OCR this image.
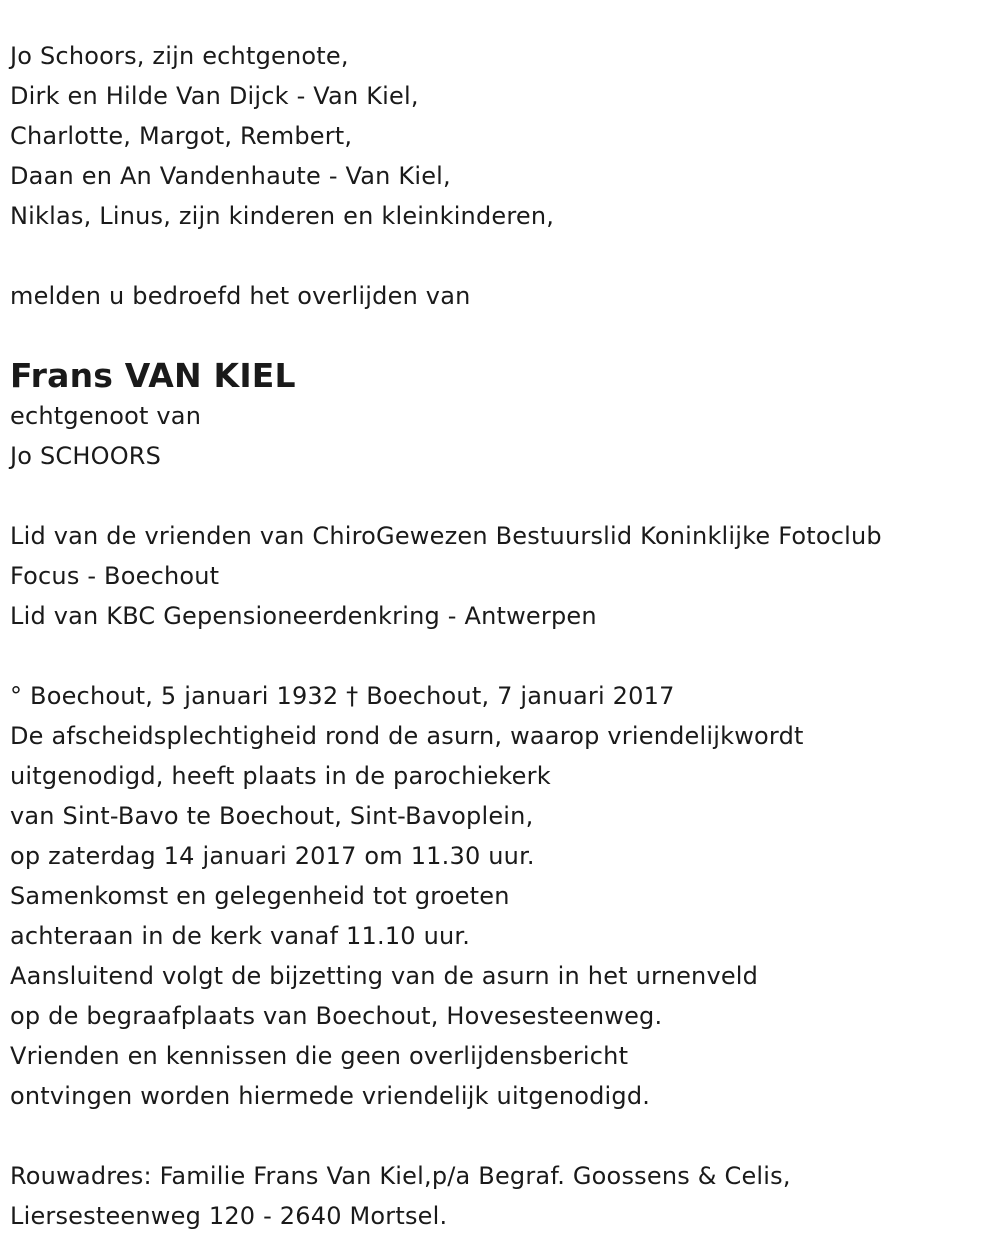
Jo Schoors, zijn echtgenote,
Dirk en Hilde Van Dijck - Van Kiel,
Charlotte, Margot, Rembert,
Daan en An Vandenhaute - Van Kiel,
Niklas, Linus, zijn kinderen en kleinkinderen,
melden u bedroefd het overlijden van
Frans VAN KIEL
echtgenoot van
Jo SCHOORS
Lid van de vrienden van ChiroGewezen Bestuurslid Koninklijke Fotoclub
Focus - Boechout
Lid van KBC Gepensioneerdenkring - Antwerpen
° Boechout, 5 januari 1932 † Boechout, 7 januari 2017
De afscheidsplechtigheid rond de asurn, waarop vriendelijkwordt
uitgenodigd, heeft plaats in de parochiekerk
van Sint-Bavo te Boechout, Sint-Bavoplein,
op zaterdag 14 januari 2017 om 11.30 uur.
Samenkomst en gelegenheid tot groeten
achteraan in de kerk vanaf 11.10 uur.
Aansluitend volgt de bijzetting van de asurn in het urnenveld
op de begraafplaats van Boechout, Hovesesteenweg.
Vrienden en kennissen die geen overlijdensbericht
ontvingen worden hiermede vriendelijk uitgenodigd.
Rouwadres: Familie Frans Van Kiel,p/a Begraf. Goossens & Celis,
Liersesteenweg 120 - 2640 Mortsel.
